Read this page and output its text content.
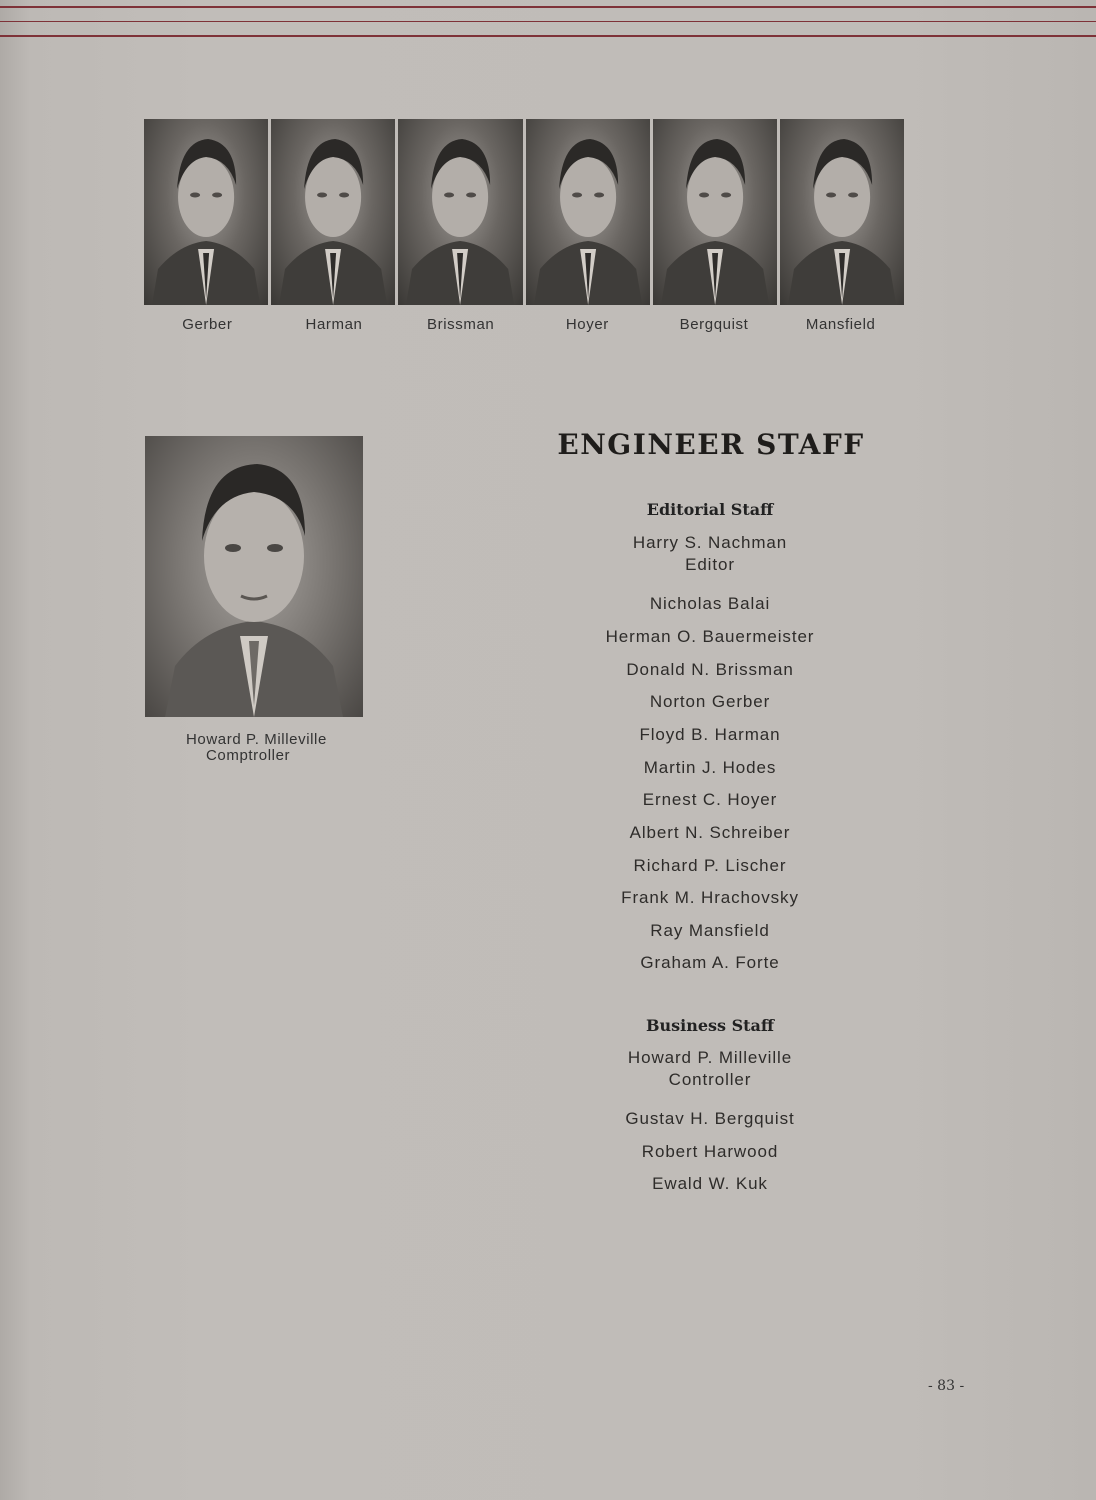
Gerber	Harman	Brissman	Hoyer	Bergquist	Mansfield
Howard P. Milleville
Comptroller
ENGINEER STAFF
Editorial Staff
Harry S. Nachman
Editor
Nicholas Balai
Herman O. Bauermeister
Donald N. Brissman
Norton Gerber
Floyd B. Harman
Martin J. Hodes
Ernest C. Hoyer
Albert N. Schreiber
Richard P. Lischer
Frank M. Hrachovsky
Ray Mansfield
Graham A. Forte
Business Staff
Howard P. Milleville
Controller
Gustav H. Bergquist
Robert Harwood
Ewald W. Kuk
- 83 -
